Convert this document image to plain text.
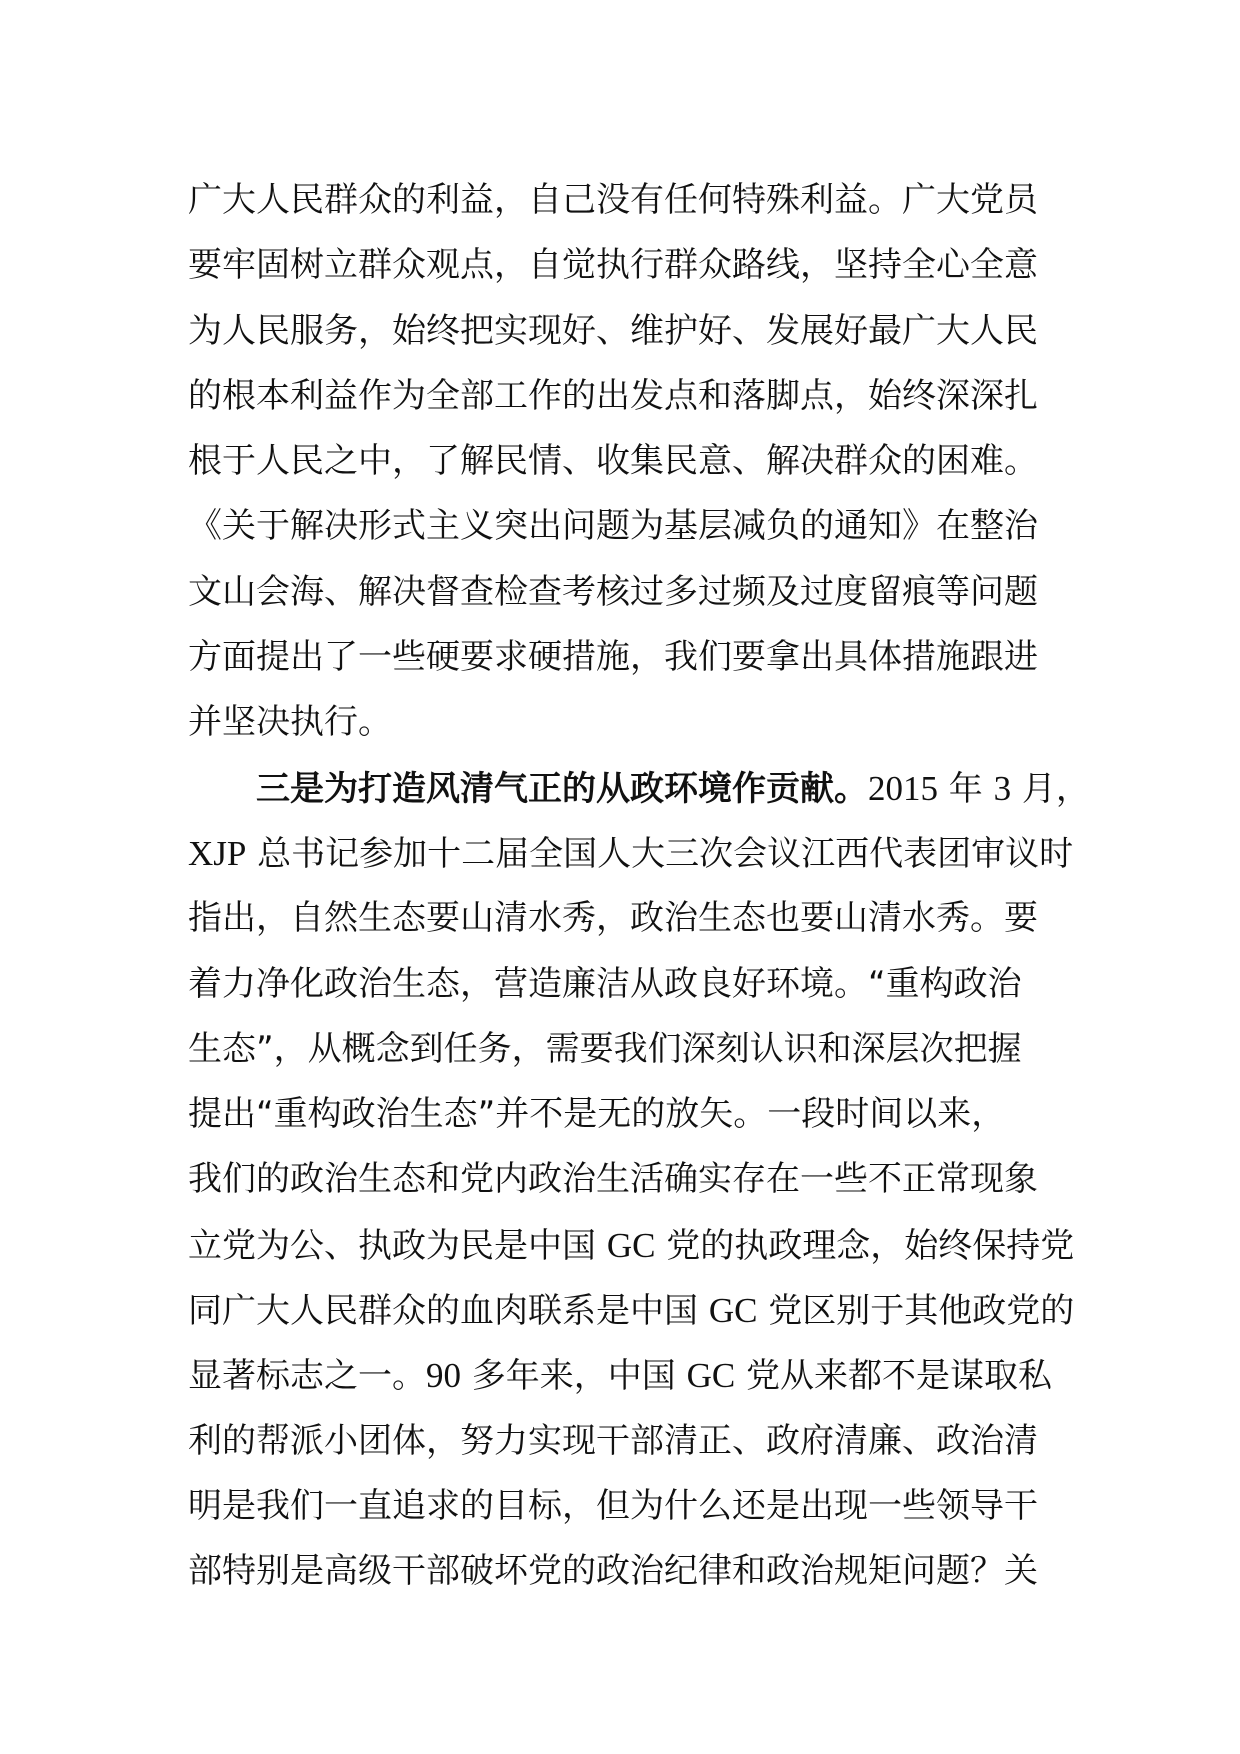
广大人民群众的利益，自己没有任何特殊利益。广大党员
要牢固树立群众观点，自觉执行群众路线，坚持全心全意
为人民服务，始终把实现好、维护好、发展好最广大人民
的根本利益作为全部工作的出发点和落脚点，始终深深扎
根于人民之中，了解民情、收集民意、解决群众的困难。
《关于解决形式主义突出问题为基层减负的通知》在整治
文山会海、解决督查检查考核过多过频及过度留痕等问题
方面提出了一些硬要求硬措施，我们要拿出具体措施跟进
并坚决执行。
三是为打造风清气正的从政环境作贡献。2015 年 3 月，
XJP 总书记参加十二届全国人大三次会议江西代表团审议时
指出，自然生态要山清水秀，政治生态也要山清水秀。要
着力净化政治生态，营造廉洁从政良好环境。“重构政治
生态”，从概念到任务，需要我们深刻认识和深层次把握
提出“重构政治生态”并不是无的放矢。一段时间以来，
我们的政治生态和党内政治生活确实存在一些不正常现象
立党为公、执政为民是中国 GC 党的执政理念，始终保持党
同广大人民群众的血肉联系是中国 GC 党区别于其他政党的
显著标志之一。90 多年来，中国 GC 党从来都不是谋取私
利的帮派小团体，努力实现干部清正、政府清廉、政治清
明是我们一直追求的目标，但为什么还是出现一些领导干
部特别是高级干部破坏党的政治纪律和政治规矩问题？关
